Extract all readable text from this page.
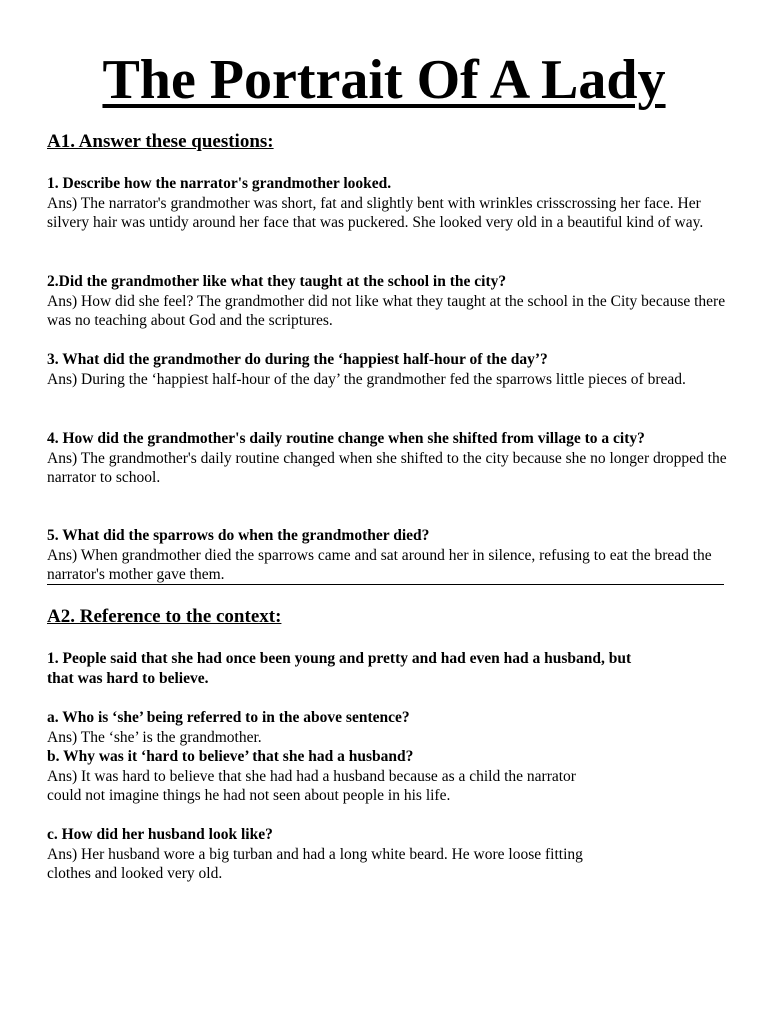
The Portrait Of A Lady

A1. Answer these questions:

1. Describe how the narrator's grandmother looked.

Ans) The narrator's grandmother was short, fat and slightly bent with wrinkles crisscrossing her face. Her silvery hair was untidy around her face that was puckered. She looked very old in a beautiful kind of way.

2.Did the grandmother like what they taught at the school in the city?

Ans) How did she feel? The grandmother did not like what they taught at the school in the City because there was no teaching about God and the scriptures.

3. What did the grandmother do during the ‘happiest half-hour of the day’?

Ans) During the ‘happiest half-hour of the day’ the grandmother fed the sparrows little pieces of bread.

4. How did the grandmother's daily routine change when she shifted from village to a city?

Ans) The grandmother's daily routine changed when she shifted to the city because she no longer dropped the narrator to school.

5. What did the sparrows do when the grandmother died?

Ans) When grandmother died the sparrows came and sat around her in silence, refusing to eat the bread the narrator's mother gave them.

A2. Reference to the context:

1. People said that she had once been young and pretty and had even had a husband, but that was hard to believe.

a. Who is ‘she’ being referred to in the above sentence?

Ans) The ‘she’ is the grandmother.

b. Why was it ‘hard to believe’ that she had a husband?

Ans) It was hard to believe that she had had a husband because as a child the narrator could not imagine things he had not seen about people in his life.

c. How did her husband look like?

Ans) Her husband wore a big turban and had a long white beard. He wore loose fitting clothes and looked very old.
